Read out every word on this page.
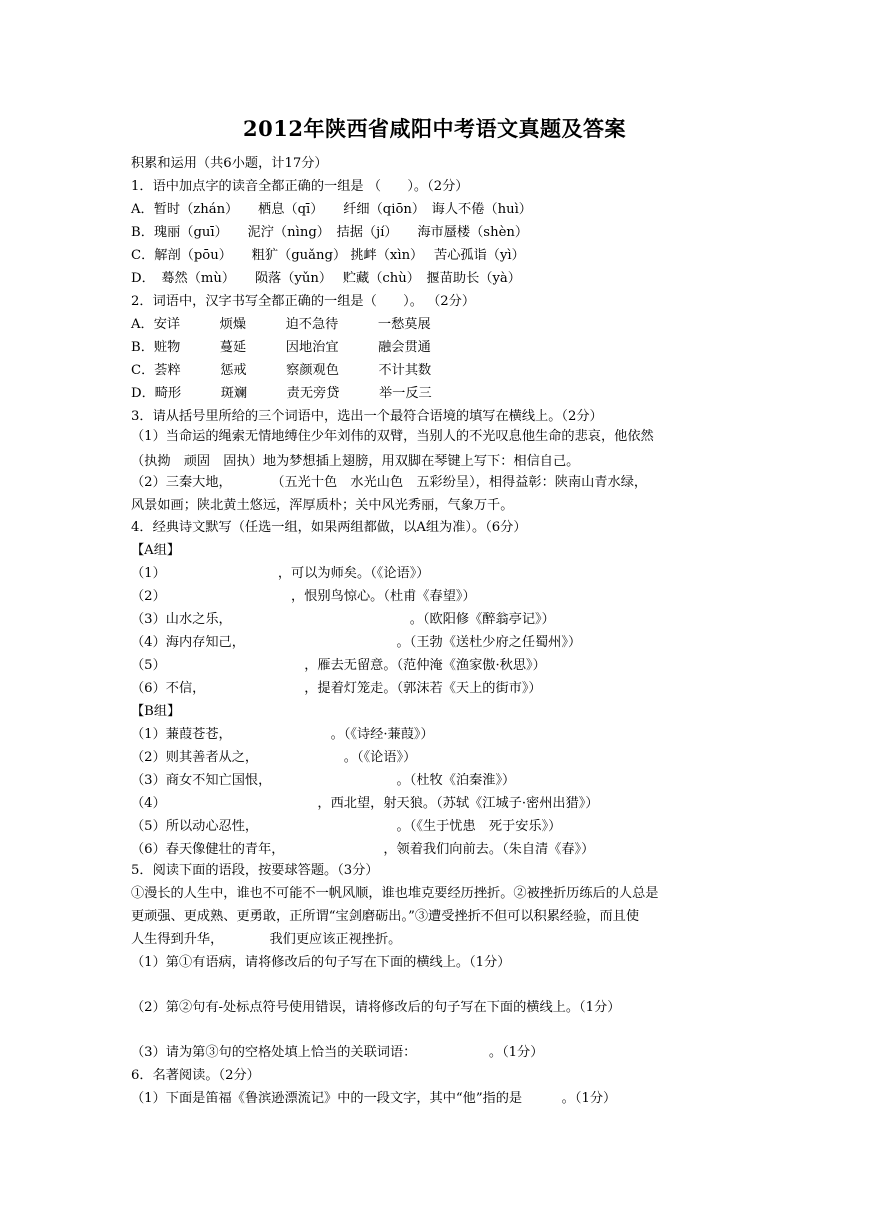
2012年陕西省咸阳中考语文真题及答案
积累和运用（共6小题，计17分）
1．语中加点字的读音全都正确的一组是 （　　）。（2分）
A．暂时（zhán）　　栖息（qī）　　纤细（qiōn）　诲人不倦（huì）
B．瑰丽（guī）　　泥泞（nìng）　拮据（jí）　　海市蜃楼（shèn）
C．解剖（pōu）　　粗犷（guǎng） 挑衅（xìn）　 苦心孤诣（yì）
D．　蓦然（mù）　　陨落（yǔn）　 贮藏（chù）　揠苗助长（yà）
2．词语中，汉字书写全都正确的一组是（　　）。 （2分）
A．安详　　　烦燥　　　迫不急待　　　一愁莫展
B．赃物　　　蔓延　　　因地治宜　　　融会贯通
C．荟粹　　　惩戒　　　察颜观色　　　不计其数
D．畸形　　　斑斓　　　责无旁贷　　　举一反三
3．请从括号里所给的三个词语中，选出一个最符合语境的填写在横线上。（2分）
（1）当命运的绳索无情地缚住少年刘伟的双臂，当别人的不光叹息他生命的悲哀，他依然
（执拗　顽固　固执）地为梦想插上翅膀，用双脚在琴键上写下：相信自己。
（2）三秦大地，　　　　（五光十色　水光山色　五彩纷呈），相得益彰：陕南山青水绿，
风景如画；陕北黄土悠远，浑厚质朴；关中风光秀丽，气象万千。
4．经典诗文默写（任选一组，如果两组都做，以A组为准）。（6分）
【A组】
（1）　　　　　　　　　，可以为师矣。（《论语》）
（2）　　　　　　　　　　，恨别鸟惊心。（杜甫《春望》）
（3）山水之乐，　　　　　　　　　　　　　　。（欧阳修《醉翁亭记》）
（4）海内存知己，　　　　　　　　　　　　。（王勃《送杜少府之任蜀州》）
（5）　　　　　　　　　　　，雁去无留意。（范仲淹《渔家傲·秋思》）
（6）不信，　　　　　　　　，提着灯笼走。（郭沫若《天上的街市》）
【B组】
（1）蒹葭苍苍，　　　　　　　　。（《诗经·蒹葭》）
（2）则其善者从之，　　　　　　　。（《论语》）
（3）商女不知亡国恨，　　　　　　　　　　。（杜牧《泊秦淮》）
（4）　　　　　　　　　　　　，西北望，射天狼。（苏轼《江城子·密州出猎》）
（5）所以动心忍性，　　　　　　　　　　　。（《生于忧患　死于安乐》）
（6）春天像健壮的青年，　　　　　　　　，领着我们向前去。（朱自清《春》）
5．阅读下面的语段，按要球答题。（3分）
①漫长的人生中，谁也不可能不一帆风顺，谁也堆克要经历挫折。②被挫折历练后的人总是
更顽强、更成熟、更勇敢，正所谓“宝剑磨砺出。”③遭受挫折不但可以积累经验，而且使
人生得到升华，　　　　我们更应该正视挫折。
（1）第①有语病，请将修改后的句子写在下面的横线上。（1分）
（2）第②句有-处标点符号使用错误，请将修改后的句子写在下面的横线上。（1分）
（3）请为第③句的空格处填上恰当的关联词语：　　　　　　。（1分）
6．名著阅读。（2分）
（1）下面是笛福《鲁滨逊漂流记》中的一段文字，其中“他”指的是　　　。（1分）
